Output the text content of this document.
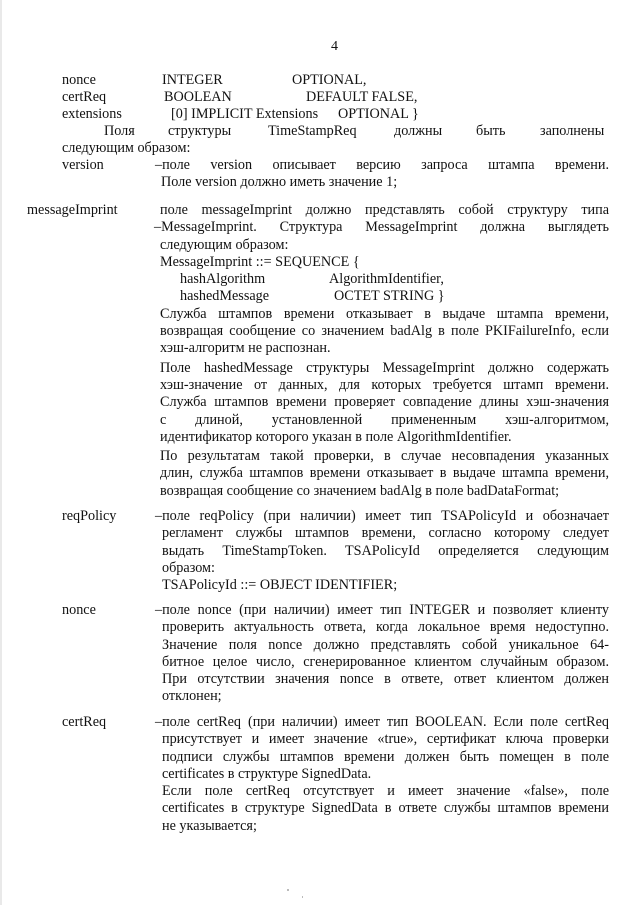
4
nonce	INTEGER	OPTIONAL,
certReq	BOOLEAN	DEFAULT FALSE,
extensions	[0] IMPLICIT Extensions OPTIONAL }
Поля структуры	TimeStampReq	должны быть заполнены
следующим образом:
version	–поле version описывает версию запроса штампа времени.
Поле version должно иметь значение 1;
messageImprint	поле messageImprint должно представлять собой структуру типа
–MessageImprint. Структура MessageImprint должна выглядеть
следующим образом:
MessageImprint ::= SEQUENCE {
hashAlgorithm	AlgorithmIdentifier,
hashedMessage	OCTET STRING }
Служба штампов времени отказывает в выдаче штампа времени,
возвращая сообщение со значением badAlg в поле PKIFailureInfo, если
хэш-алгоритм не распознан.
Поле hashedMessage структуры MessageImprint должно содержать
хэш-значение от данных, для которых требуется штамп времени.
Служба штампов времени проверяет совпадение длины хэш-значения
с длиной, установленной примененным хэш-алгоритмом,
идентификатор которого указан в поле AlgorithmIdentifier.
По результатам такой проверки, в случае несовпадения указанных
длин, служба штампов времени отказывает в выдаче штампа времени,
возвращая сообщение со значением badAlg в поле badDataFormat;
reqPolicy	–поле reqPolicy (при наличии) имеет тип TSAPolicyId и обозначает
регламент службы штампов времени, согласно которому следует
выдать TimeStampToken. TSAPolicyId определяется следующим
образом:
TSAPolicyId ::= OBJECT IDENTIFIER;
nonce	–поле nonce (при наличии) имеет тип INTEGER и позволяет клиенту
проверить актуальность ответа, когда локальное время недоступно.
Значение поля nonce должно представлять собой уникальное 64-
битное целое число, сгенерированное клиентом случайным образом.
При отсутствии значения nonce в ответе, ответ клиентом должен
отклонен;
certReq	–поле certReq (при наличии) имеет тип BOOLEAN. Если поле certReq
присутствует и имеет значение «true», сертификат ключа проверки
подписи службы штампов времени должен быть помещен в поле
certificates в структуре SignedData.
Если поле certReq отсутствует и имеет значение «false», поле
certificates в структуре SignedData в ответе службы штампов времени
не указывается;
